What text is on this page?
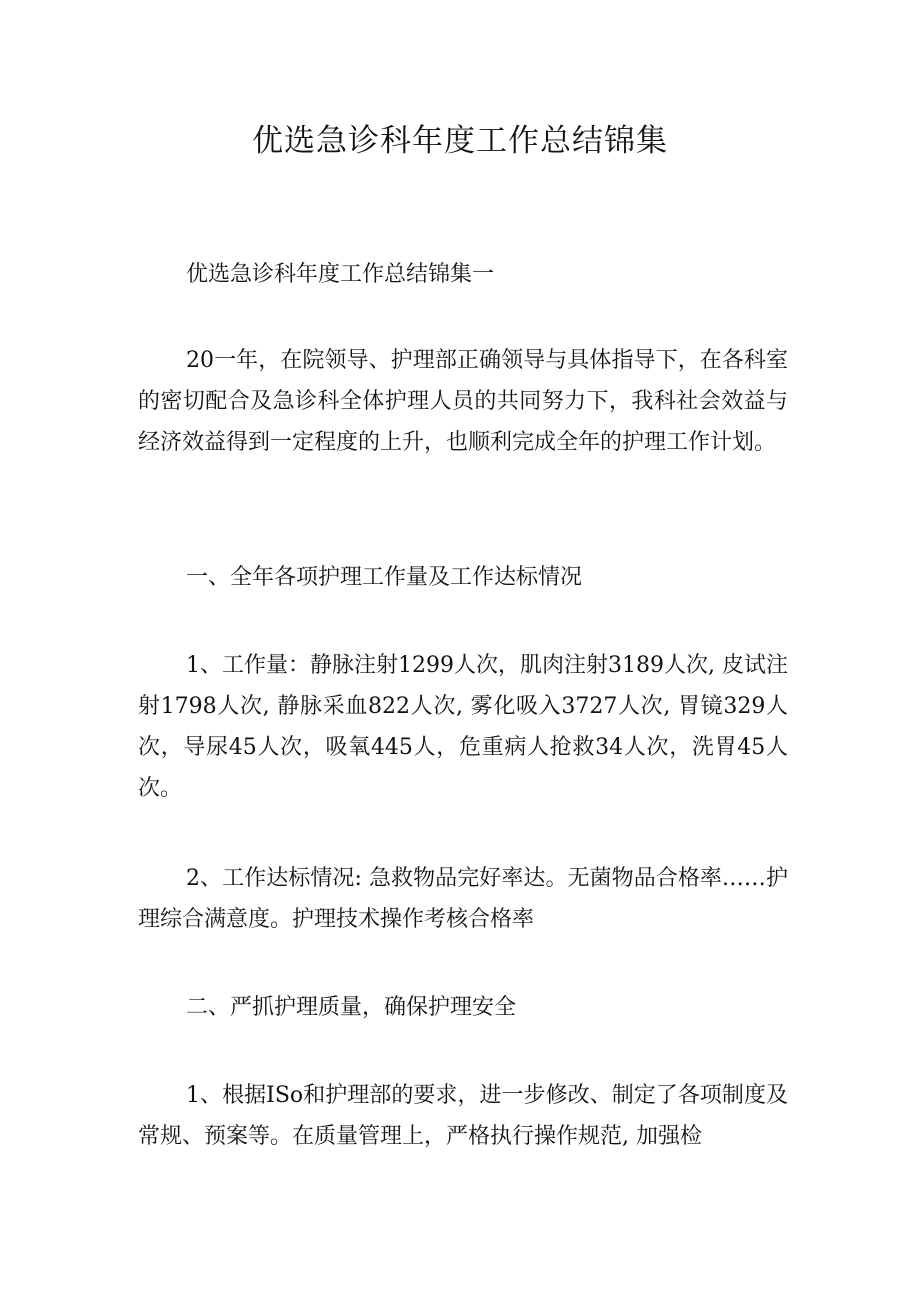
优选急诊科年度工作总结锦集

优选急诊科年度工作总结锦集一

20一年，在院领导、护理部正确领导与具体指导下，在各科室的密切配合及急诊科全体护理人员的共同努力下，我科社会效益与经济效益得到一定程度的上升，也顺利完成全年的护理工作计划。

一、全年各项护理工作量及工作达标情况

1、工作量：静脉注射1299人次，肌肉注射3189人次, 皮试注射1798人次, 静脉采血822人次, 雾化吸入3727人次, 胃镜329人次，导尿45人次，吸氧445人，危重病人抢救34人次，洗胃45人次。

2、工作达标情况: 急救物品完好率达。无菌物品合格率……护理综合满意度。护理技术操作考核合格率

二、严抓护理质量，确保护理安全

1、根据ISo和护理部的要求，进一步修改、制定了各项制度及常规、预案等。在质量管理上，严格执行操作规范, 加强检
